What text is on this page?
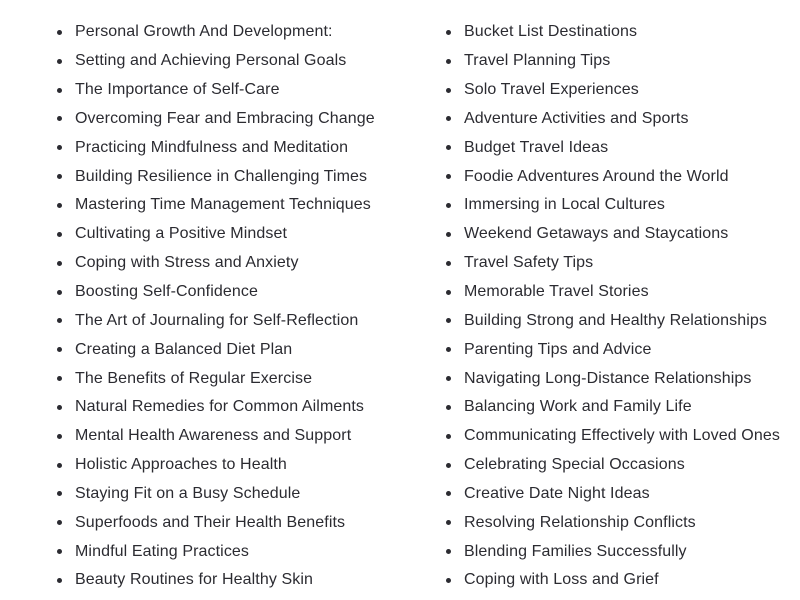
Personal Growth And Development:
Setting and Achieving Personal Goals
The Importance of Self-Care
Overcoming Fear and Embracing Change
Practicing Mindfulness and Meditation
Building Resilience in Challenging Times
Mastering Time Management Techniques
Cultivating a Positive Mindset
Coping with Stress and Anxiety
Boosting Self-Confidence
The Art of Journaling for Self-Reflection
Creating a Balanced Diet Plan
The Benefits of Regular Exercise
Natural Remedies for Common Ailments
Mental Health Awareness and Support
Holistic Approaches to Health
Staying Fit on a Busy Schedule
Superfoods and Their Health Benefits
Mindful Eating Practices
Beauty Routines for Healthy Skin
Bucket List Destinations
Travel Planning Tips
Solo Travel Experiences
Adventure Activities and Sports
Budget Travel Ideas
Foodie Adventures Around the World
Immersing in Local Cultures
Weekend Getaways and Staycations
Travel Safety Tips
Memorable Travel Stories
Building Strong and Healthy Relationships
Parenting Tips and Advice
Navigating Long-Distance Relationships
Balancing Work and Family Life
Communicating Effectively with Loved Ones
Celebrating Special Occasions
Creative Date Night Ideas
Resolving Relationship Conflicts
Blending Families Successfully
Coping with Loss and Grief
